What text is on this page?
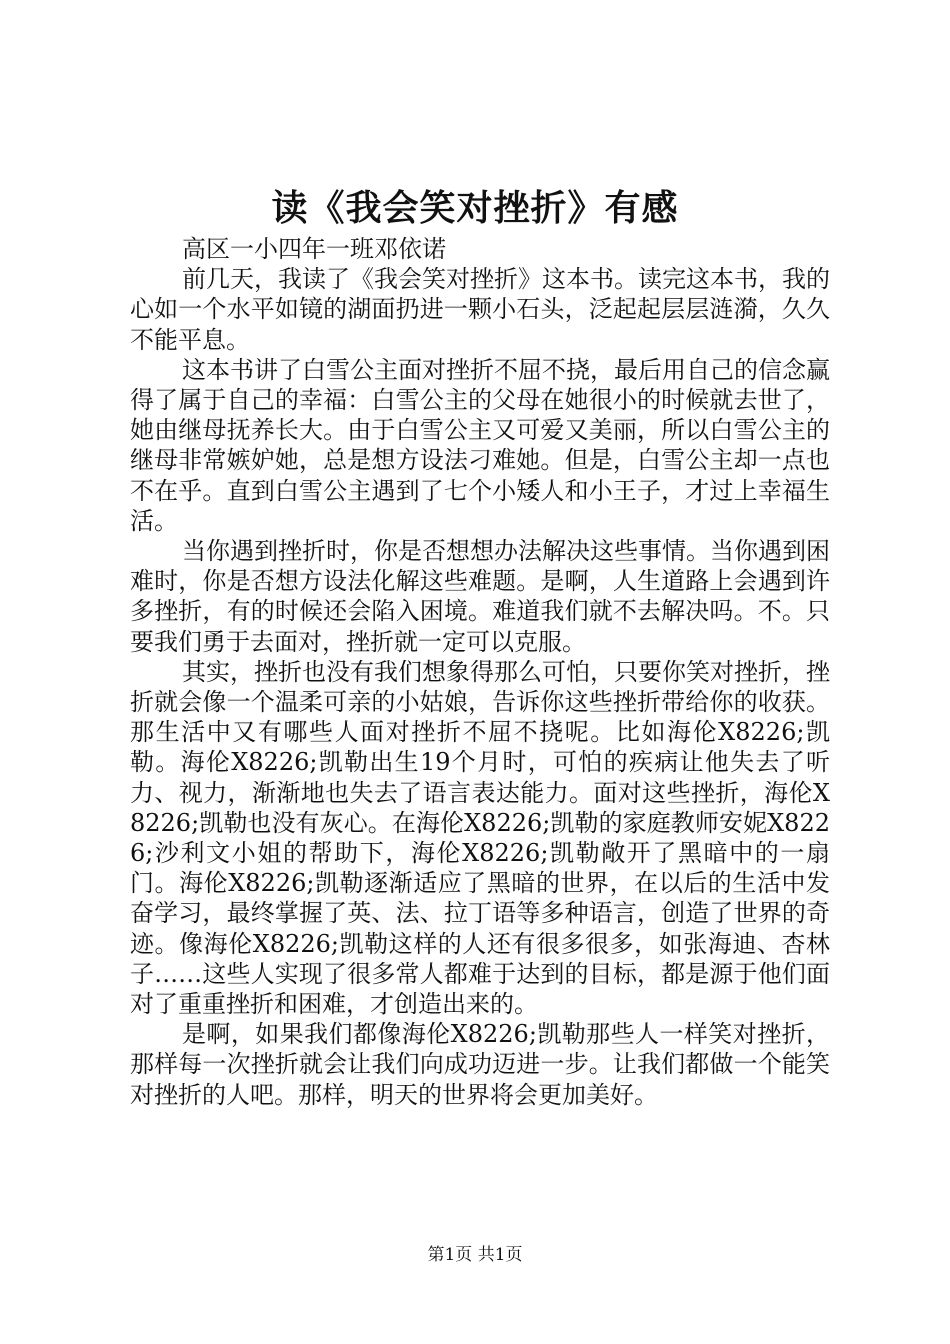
读《我会笑对挫折》有感

高区一小四年一班邓依诺

前几天，我读了《我会笑对挫折》这本书。读完这本书，我的心如一个水平如镜的湖面扔进一颗小石头，泛起起层层涟漪，久久不能平息。

这本书讲了白雪公主面对挫折不屈不挠，最后用自己的信念赢得了属于自己的幸福：白雪公主的父母在她很小的时候就去世了，她由继母抚养长大。由于白雪公主又可爱又美丽，所以白雪公主的继母非常嫉妒她，总是想方设法刁难她。但是，白雪公主却一点也不在乎。直到白雪公主遇到了七个小矮人和小王子，才过上幸福生活。

当你遇到挫折时，你是否想想办法解决这些事情。当你遇到困难时，你是否想方设法化解这些难题。是啊，人生道路上会遇到许多挫折，有的时候还会陷入困境。难道我们就不去解决吗。不。只要我们勇于去面对，挫折就一定可以克服。

其实，挫折也没有我们想象得那么可怕，只要你笑对挫折，挫折就会像一个温柔可亲的小姑娘，告诉你这些挫折带给你的收获。那生活中又有哪些人面对挫折不屈不挠呢。比如海伦X8226;凯勒。海伦X8226;凯勒出生19个月时，可怕的疾病让他失去了听力、视力，渐渐地也失去了语言表达能力。面对这些挫折，海伦X8226;凯勒也没有灰心。在海伦X8226;凯勒的家庭教师安妮X8226;沙利文小姐的帮助下，海伦X8226;凯勒敞开了黑暗中的一扇门。海伦X8226;凯勒逐渐适应了黑暗的世界，在以后的生活中发奋学习，最终掌握了英、法、拉丁语等多种语言，创造了世界的奇迹。像海伦X8226;凯勒这样的人还有很多很多，如张海迪、杏林子……这些人实现了很多常人都难于达到的目标，都是源于他们面对了重重挫折和困难，才创造出来的。

是啊，如果我们都像海伦X8226;凯勒那些人一样笑对挫折，那样每一次挫折就会让我们向成功迈进一步。让我们都做一个能笑对挫折的人吧。那样，明天的世界将会更加美好。

第1页 共1页
